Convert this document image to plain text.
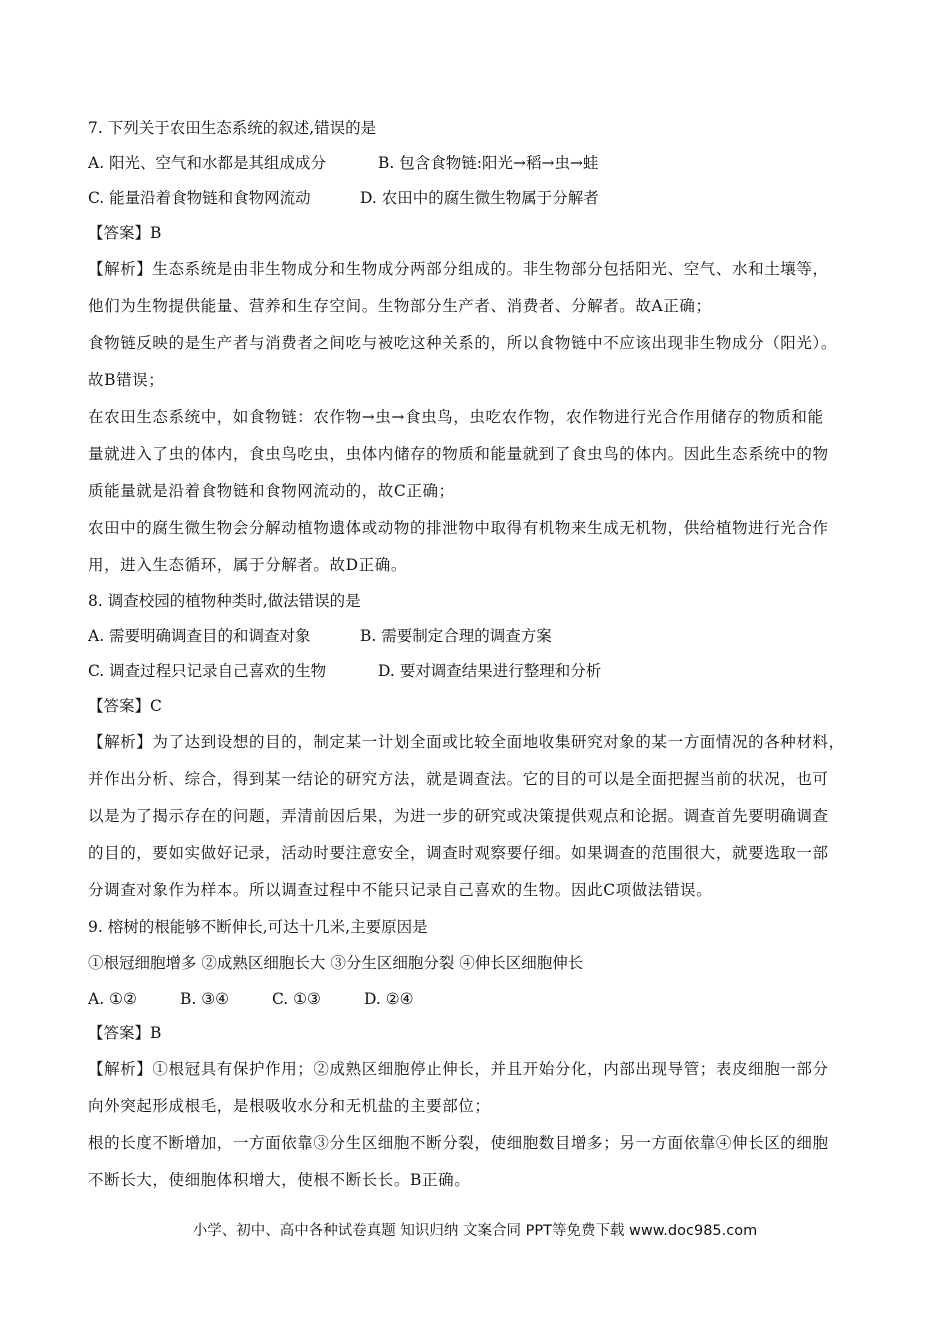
7. 下列关于农田生态系统的叙述,错误的是
A. 阳光、空气和水都是其组成成分	B. 包含食物链:阳光→稻→虫→蛙
C. 能量沿着食物链和食物网流动	D. 农田中的腐生微生物属于分解者
【答案】B
【解析】生态系统是由非生物成分和生物成分两部分组成的。非生物部分包括阳光、空气、水和土壤等，
他们为生物提供能量、营养和生存空间。生物部分生产者、消费者、分解者。故A正确；
食物链反映的是生产者与消费者之间吃与被吃这种关系的，所以食物链中不应该出现非生物成分（阳光）。
故B错误；
在农田生态系统中，如食物链：农作物→虫→食虫鸟，虫吃农作物，农作物进行光合作用储存的物质和能
量就进入了虫的体内，食虫鸟吃虫，虫体内储存的物质和能量就到了食虫鸟的体内。因此生态系统中的物
质能量就是沿着食物链和食物网流动的，故C正确；
农田中的腐生微生物会分解动植物遗体或动物的排泄物中取得有机物来生成无机物，供给植物进行光合作
用，进入生态循环，属于分解者。故D正确。
8. 调查校园的植物种类时,做法错误的是
A. 需要明确调查目的和调查对象	B. 需要制定合理的调查方案
C. 调查过程只记录自己喜欢的生物	D. 要对调查结果进行整理和分析
【答案】C
【解析】为了达到设想的目的，制定某一计划全面或比较全面地收集研究对象的某一方面情况的各种材料，
并作出分析、综合，得到某一结论的研究方法，就是调查法。它的目的可以是全面把握当前的状况，也可
以是为了揭示存在的问题，弄清前因后果，为进一步的研究或决策提供观点和论据。调查首先要明确调查
的目的，要如实做好记录，活动时要注意安全，调查时观察要仔细。如果调查的范围很大，就要选取一部
分调查对象作为样本。所以调查过程中不能只记录自己喜欢的生物。因此C项做法错误。
9. 榕树的根能够不断伸长,可达十几米,主要原因是
①根冠细胞增多 ②成熟区细胞长大 ③分生区细胞分裂 ④伸长区细胞伸长
A. ①②	B. ③④	C. ①③	D. ②④
【答案】B
【解析】①根冠具有保护作用；②成熟区细胞停止伸长，并且开始分化，内部出现导管；表皮细胞一部分
向外突起形成根毛，是根吸收水分和无机盐的主要部位；
根的长度不断增加，一方面依靠③分生区细胞不断分裂，使细胞数目增多；另一方面依靠④伸长区的细胞
不断长大，使细胞体积增大，使根不断长长。B正确。
小学、初中、高中各种试卷真题 知识归纳 文案合同 PPT等免费下载 www.doc985.com
